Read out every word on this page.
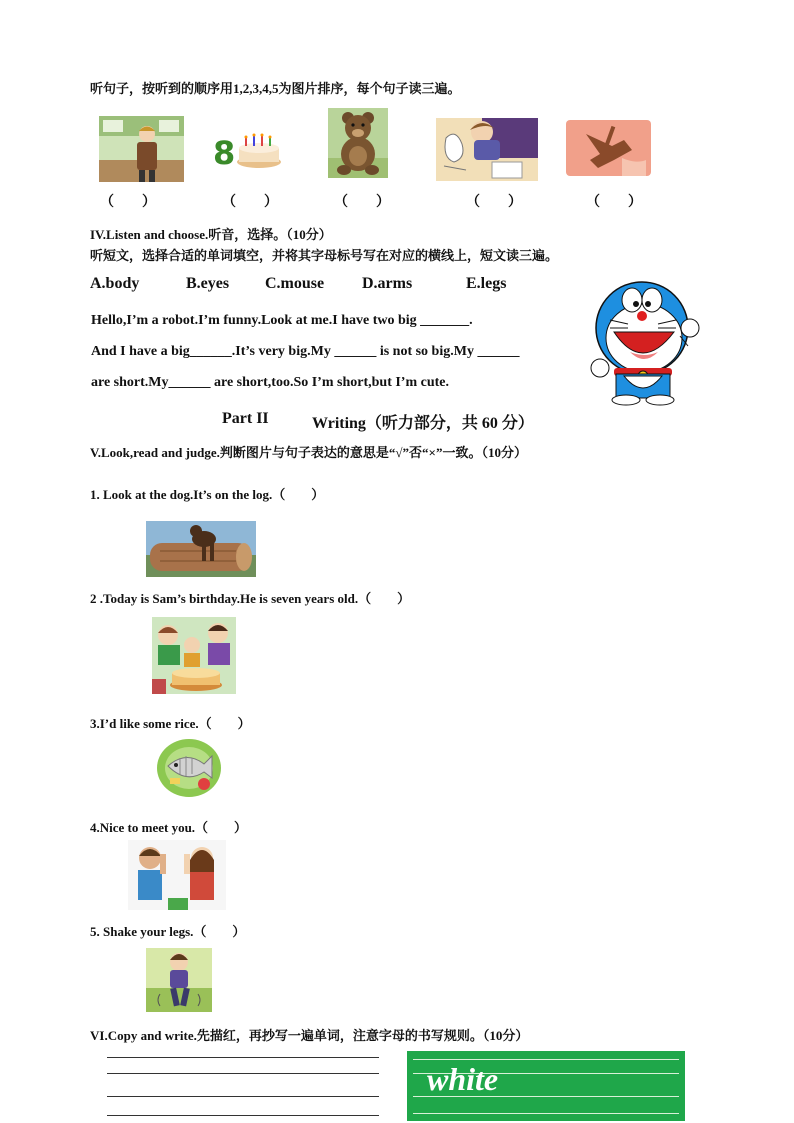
听句子，按听到的顺序用1,2,3,4,5为图片排序，每个句子读三遍。
8
（　　）	（　　）	（　　）	（　　）	（　　）
IV.Listen and choose.听音，选择。（10分）
听短文，选择合适的单词填空，并将其字母标号写在对应的横线上，短文读三遍。
A.body	B.eyes C.mouse D.arms	E.legs
Hello,I’m a robot.I’m funny.Look at me.I have two big _______.
And I have a big______.It’s very big.My ______ is not so big.My ______
are short.My______ are short,too.So I’m short,but I’m cute.
Part II	Writing（听力部分，共 60 分）
V.Look,read and judge.判断图片与句子表达的意思是“√”否“×”一致。（10分）
1. Look at the dog.It’s on the log.（　　）
2 .Today is Sam’s birthday.He is seven years old.（　　）
3.I’d like some rice.（　　）
4.Nice to meet you.（　　）
5. Shake your legs.（　　）
VI.Copy and write.先描红，再抄写一遍单词，注意字母的书写规则。（10分）
white
